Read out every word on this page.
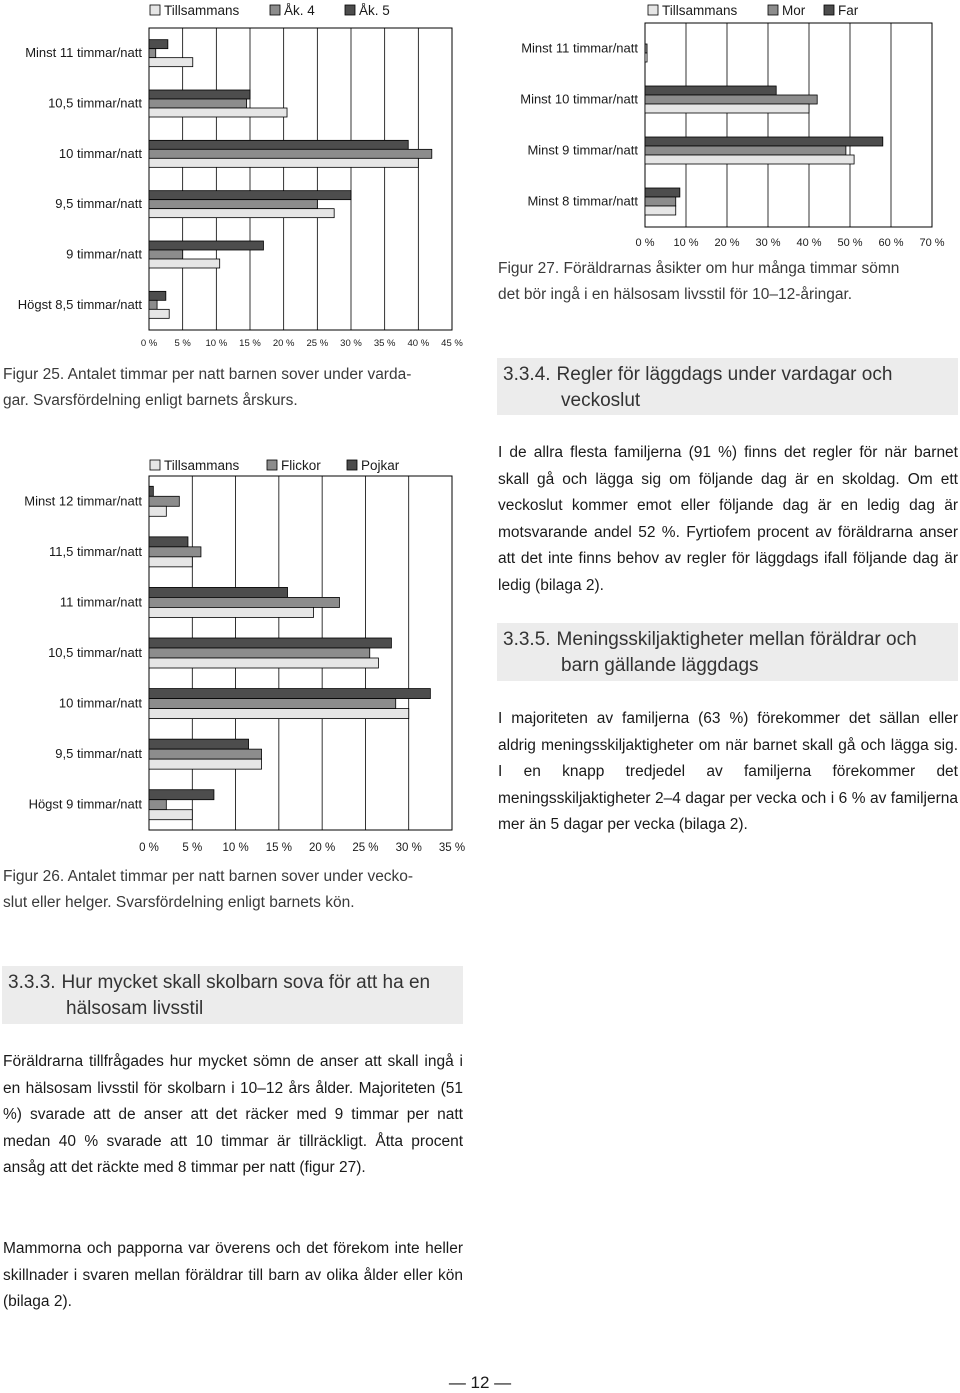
0 % 5 % 10 % 15 % 20 % 25 % 30 % 35 % 40 % 45 %
Minst 11 timmar/natt
10,5 timmar/natt
10 timmar/natt
9,5 timmar/natt
9 timmar/natt
Högst 8,5 timmar/natt
Tillsammans	Åk. 4	Åk. 5
0 % 5 % 10 % 15 % 20 % 25 % 30 % 35 %
Minst 12 timmar/natt
11,5 timmar/natt
11 timmar/natt
10,5 timmar/natt
10 timmar/natt
9,5 timmar/natt
Högst 9 timmar/natt
Tillsammans	Flickor	Pojkar
0 % 10 % 20 % 30 % 40 % 50 % 60 % 70 %
Minst 11 timmar/natt
Minst 10 timmar/natt
Minst 9 timmar/natt
Minst 8 timmar/natt
Tillsammans	Mor Far
Figur 25. Antalet timmar per natt barnen sover under varda-
gar. Svarsfördelning enligt barnets årskurs.
Figur 26. Antalet timmar per natt barnen sover under vecko-
slut eller helger. Svarsfördelning enligt barnets kön.
Figur 27. Föräldrarnas åsikter om hur många timmar sömn
det bör ingå i en hälsosam livsstil för 10–12-åringar.
3.3.4. Regler för läggdags under vardagar och
veckoslut
I de allra flesta familjerna (91 %) finns det regler för när barnet skall gå och lägga sig om följande dag är en skoldag. Om ett veckoslut kommer emot eller följande dag är en ledig dag är motsvarande andel 52 %. Fyrtiofem procent av föräldrarna anser att det inte finns behov av regler för läggdags ifall följande dag är ledig (bilaga 2).
3.3.5. Meningsskiljaktigheter mellan föräldrar och
barn gällande läggdags
I majoriteten av familjerna (63 %) förekommer det sällan eller aldrig meningsskiljaktigheter om när barnet skall gå och lägga sig. I en knapp tredjedel av familjerna förekommer det meningsskiljaktigheter 2–4 dagar per vecka och i 6 % av familjerna mer än 5 dagar per vecka (bilaga 2).
3.3.3. Hur mycket skall skolbarn sova för att ha en
hälsosam livsstil
Föräldrarna tillfrågades hur mycket sömn de anser att skall ingå i en hälsosam livsstil för skolbarn i 10–12 års ålder. Majoriteten (51 %) svarade att de anser att det räcker med 9 timmar per natt medan 40 % svarade att 10 timmar är tillräckligt. Åtta procent ansåg att det räckte med 8 timmar per natt (figur 27).
Mammorna och papporna var överens och det förekom inte heller skillnader i svaren mellan föräldrar till barn av olika ålder eller kön (bilaga 2).
— 12 —
